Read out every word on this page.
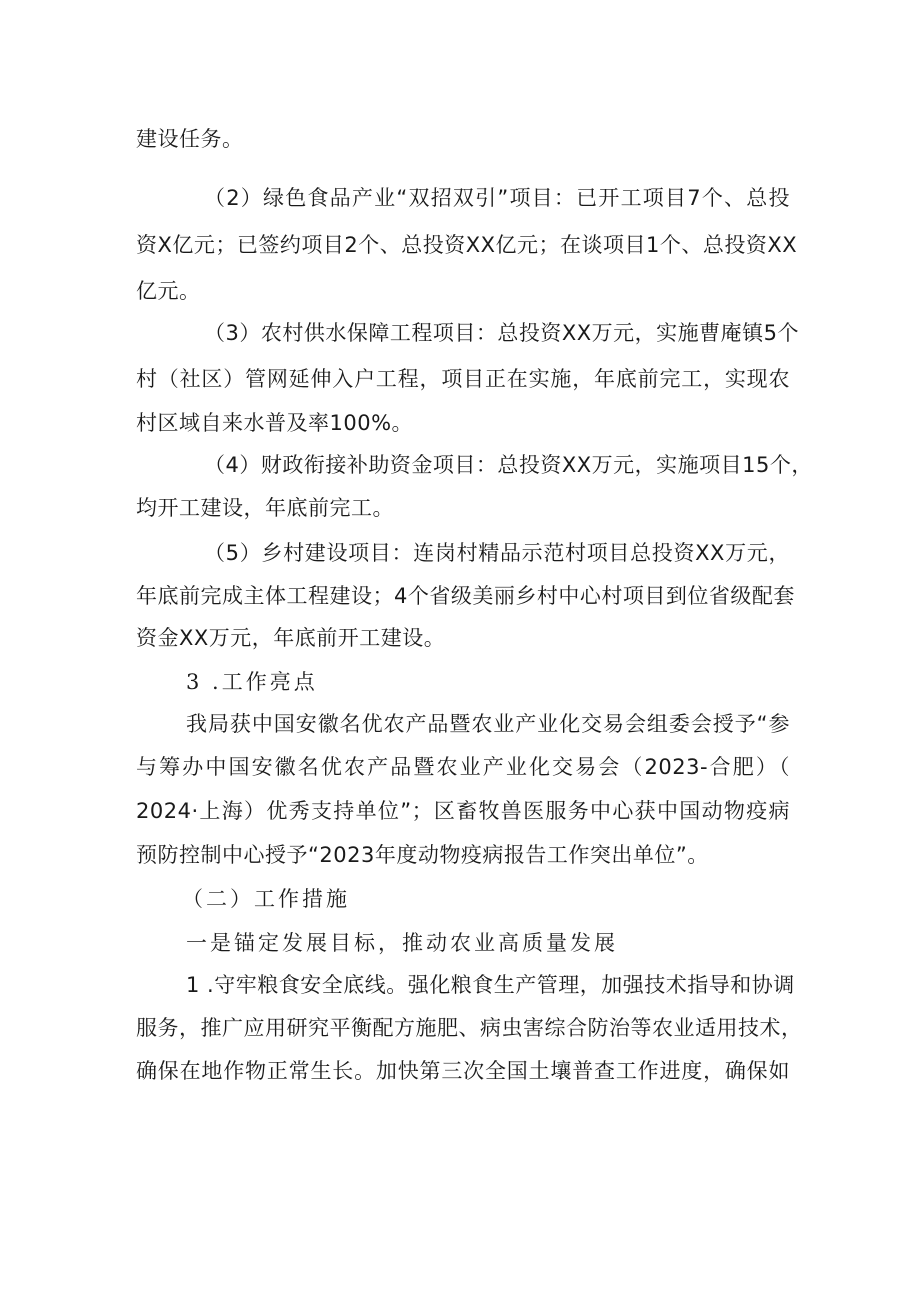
建设任务。
（2）绿色食品产业“双招双引”项目：已开工项目7个、总投
资X亿元；已签约项目2个、总投资XX亿元；在谈项目1个、总投资XX
亿元。
（3）农村供水保障工程项目：总投资XX万元，实施曹庵镇5个
村（社区）管网延伸入户工程，项目正在实施，年底前完工，实现农
村区域自来水普及率100%。
（4）财政衔接补助资金项目：总投资XX万元，实施项目15个，
均开工建设，年底前完工。
（5）乡村建设项目：连岗村精品示范村项目总投资XX万元，
年底前完成主体工程建设；4个省级美丽乡村中心村项目到位省级配套
资金XX万元，年底前开工建设。
3 .工作亮点
我局获中国安徽名优农产品暨农业产业化交易会组委会授予“参
与筹办中国安徽名优农产品暨农业产业化交易会（2023-合肥）（
2024·上海）优秀支持单位”；区畜牧兽医服务中心获中国动物疫病
预防控制中心授予“2023年度动物疫病报告工作突出单位”。
（二）工作措施
一是锚定发展目标，推动农业高质量发展
1 .守牢粮食安全底线。强化粮食生产管理，加强技术指导和协调
服务，推广应用研究平衡配方施肥、病虫害综合防治等农业适用技术，
确保在地作物正常生长。加快第三次全国土壤普查工作进度，确保如
